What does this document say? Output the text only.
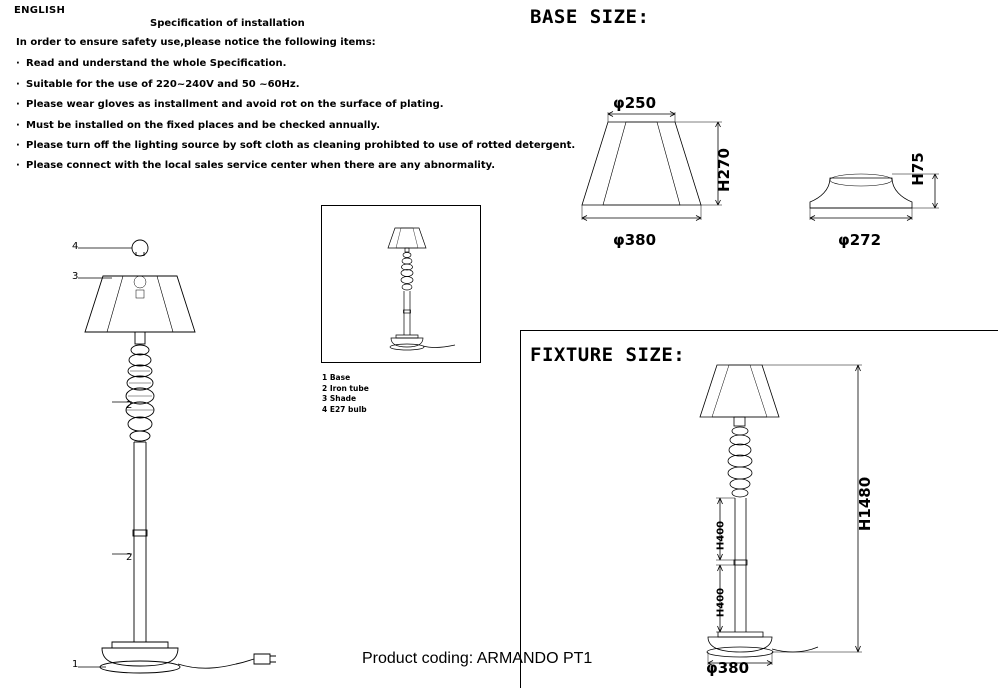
ENGLISH
Specification of installation
In order to ensure safety use,please notice the following items:
· Read and understand the whole Specification.
· Suitable for the use of 220~240V and 50 ~60Hz.
· Please wear gloves as installment and avoid rot on the surface of plating.
· Must be installed on the fixed places and be checked annually.
· Please turn off the lighting source by soft cloth as cleaning prohibted to use of rotted detergent.
· Please connect with the local sales service center when there are any abnormality.
4
3
1
2
2
1 Base
2 Iron tube
3 Shade
4 E27 bulb
BASE SIZE:
φ250
φ380
H270
φ272
H75
FIXTURE SIZE:
H1480
H400
H400
φ380
Product coding: ARMANDO PT1
